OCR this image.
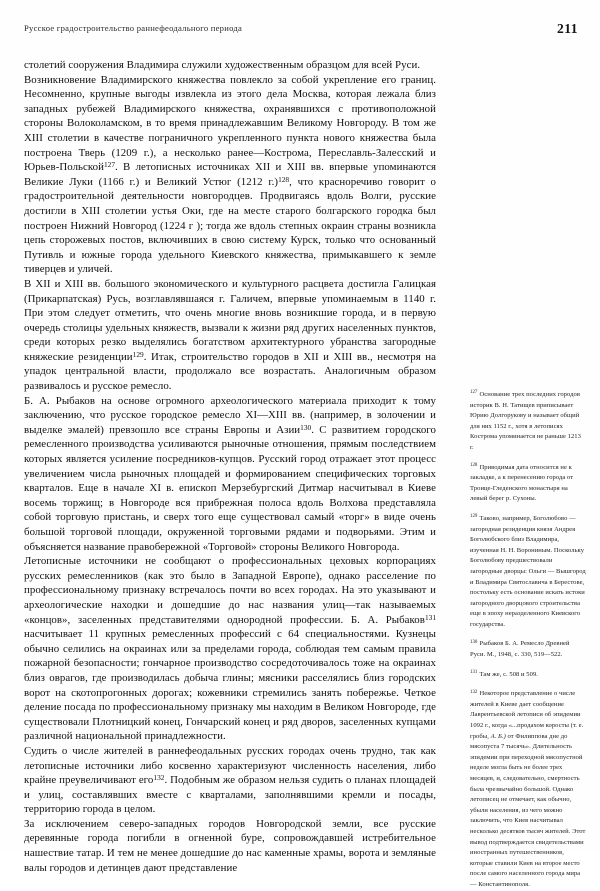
Русское градостроительство раннефеодального периода	211

столетий сооружения Владимира служили художественным образцом для всей Руси.

Возникновение Владимирского княжества повлекло за собой укрепление его границ. Несомненно, крупные выгоды извлекла из этого дела Москва, которая лежала близ западных рубежей Владимирского княжества, охранявшихся с противоположной стороны Волоколамском, в то время принадлежавшим Великому Новгороду. В том же XIII столетии в качестве пограничного укрепленного пункта нового княжества была построена Тверь (1209 г.), а несколько ранее—Кострома, Переславль-Залесский и Юрьев-Польской$^{127}$. В летописных источниках XII и XIII вв. впервые упоминаются Великие Луки (1166 г.) и Великий Устюг (1212 г.)$^{128}$, что красноречиво говорит о градостроительной деятельности новгородцев. Продвигаясь вдоль Волги, русские достигли в XIII столетии устья Оки, где на месте старого болгарского городка был построен Нижний Новгород (1224 г ); тогда же вдоль степных окраин страны возникла цепь сторожевых постов, включивших в свою систему Курск, только что основанный Путивль и южные города удельного Киевского княжества, примыкавшего к земле тиверцев и уличей.

В XII и XIII вв. большого экономического и культурного расцвета достигла Галицкая (Прикарпатская) Русь, возглавлявшаяся г. Галичем, впервые упоминаемым в 1140 г. При этом следует отметить, что очень многие вновь возникшие города, и в первую очередь столицы удельных княжеств, вызвали к жизни ряд других населенных пунктов, среди которых резко выделялись богатством архитектурного убранства загородные княжеские резиденции$^{129}$. Итак, строительство городов в XII и XIII вв., несмотря на упадок центральной власти, продолжало все возрастать. Аналогичным образом развивалось и русское ремесло.

Б. А. Рыбаков на основе огромного археологического материала приходит к тому заключению, что русское городское ремесло XI—XIII вв. (например, в золочении и выделке эмалей) превзошло все страны Европы и Азии$^{130}$. С развитием городского ремесленного производства усиливаются рыночные отношения, прямым последствием которых является усиление посредников-купцов. Русский город отражает этот процесс увеличением числа рыночных площадей и формированием специфических торговых кварталов. Еще в начале XI в. епископ Мерзебургский Дитмар насчитывал в Киеве восемь торжищ; в Новгороде вся прибрежная полоса вдоль Волхова представляла собой торговую пристань, и сверх того еще существовал самый «торг» в виде очень большой торговой площади, окруженной торговыми рядами и подворьями. Этим и объясняется название правобережной «Торговой» стороны Великого Новгорода.

Летописные источники не сообщают о профессиональных цеховых корпорациях русских ремесленников (как это было в Западной Европе), однако расселение по профессиональному признаку встречалось почти во всех городах. На это указывают и археологические находки и дошедшие до нас названия улиц—так называемых «концов», заселенных представителями однородной профессии. Б. А. Рыбаков$^{131}$ насчитывает 11 крупных ремесленных профессий с 64 специальностями. Кузнецы обычно селились на окраинах или за пределами города, соблюдая тем самым правила пожарной безопасности; гончарное производство сосредоточивалось тоже на окраинах близ оврагов, где производилась добыча глины; мясники расселялись близ городских ворот на скотопрогонных дорогах; кожевники стремились занять побережье. Четкое деление посада по профессиональному признаку мы находим в Великом Новгороде, где существовали Плотницкий конец, Гончарский конец и ряд дворов, заселенных купцами различной национальной принадлежности.

Судить о числе жителей в раннефеодальных русских городах очень трудно, так как летописные источники либо косвенно характеризуют численность населения, либо крайне преувеличивают его$^{132}$. Подобным же образом нельзя судить о планах площадей и улиц, составлявших вместе с кварталами, заполнявшими кремли и посады, территорию города в целом.

За исключением северо-западных городов Новгородской земли, все русские деревянные города погибли в огненной буре, сопровождавшей истребительное нашествие татар. И тем не менее дошедшие до нас каменные храмы, ворота и земляные валы городов и детинцев дают представление

$^{127}$ Основание трех последних городов историк В. Н. Татищев приписывает Юрию Долгорукову и называет общий для них 1152 г., хотя в летописях Кострома упоминается не раньше 1213 г.
$^{128}$ Приводимая дата относится не к закладке, а к перенесению города от Троице-Гледенского монастыря на левый берег р. Сухоны.
$^{129}$ Таково, например, Боголюбово — загородная резиденция князя Андрея Боголюбского близ Владимира, изученная Н. Н. Ворониным. Поскольку Боголюбову предшествовали загородные дворцы: Ольги — Вышгород и Владимира Святославича в Берестове, постольку есть основание искать истоки загородного дворцового строительства еще в эпоху неразделенного Киевского государства.
$^{130}$ Рыбаков Б. А. Ремесло Древней Руси. М., 1948, с. 330, 519—522.
$^{131}$ Там же, с. 508 и 509.
$^{132}$ Некоторое представление о числе жителей в Киеве дает сообщение Лаврентьевской летописи об эпидемии 1092 г., когда «...продахом коросты (т. е. гробы, А. Б.) от Филиппова дне до мясопуста 7 тысячь». Длительность эпидемии при переходной мясопустной неделе могла быть не более трех месяцев, и, следовательно, смертность была чрезвычайно большой. Однако летописец не отмечает, как обычно, убыли населения, из чего можно заключить, что Киев насчитывал несколько десятков тысяч жителей. Этот вывод подтверждается свидетельствами иностранных путешественников, которые ставили Киев на второе место после самого населенного города мира — Константинополя.
